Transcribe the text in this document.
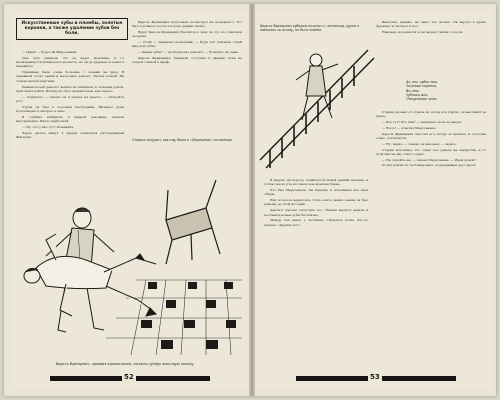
Искусственные зубы и пломбы, золотые коронки, а также удаление зубов без боли.

— Идем! — будет ей Марусенька.

Она чуть увидела, что ее ведет мужчина, и от неожиданности вскинулась на месте, но он ее удержал и повел в приемную.

Приемная была очень большая, с окнами на двор. В приемной стоял диван и несколько кресел, обитых кожей. На стенах висели картины.

Рыжеволосый дантист вышел из кабинета и, показав рукой, пригласил войти. Взгляд его был пронзителен, как сверло.

— Садитесь! — сказал он и указал на кресло. — Откройте рот!

Утром он был в хорошем настроении. Вытирал руки полотенцем и смотрел в окно.

В глубине кабинета, в медной раковине, кипели инструменты. Пахло карболкой.

— Ну, что у нас тут? Покажите.

Через десять минут в дверях показался растрепанный Феклуша.

Кароль Францевич испуганно посмотрел на вошедшего. Тот был огромного роста и в руке держал палку.

Вдруг Кароль Францевич бросился к окну, но тут его схватили за рукав.

— Стой! — закричал вошедший. — Куда ты? Сначала отдай мне мои зубы!

— Какие зубы? — пробормотал дантист. — Я ничего не знаю.

Кароль Францевич, бледный, отступал к дверям, пока не уперся спиной в шкаф.

Старик подумал, как ему быть в «Дворцовой» гостинице.
Кароль Францевич, придавя крахмальной, стоять сундук неполную иконку.
52
Кароль Францевич кубарем полетел с лестницы, ругая и хватаясь за голову, но было поздно.

В дверях, на пороге, появился большой рыжий человек, и тотчас же из рта его вылетела крепкая брань.

Это был Марусенька. Он вздыхал и вспоминал все свои обиды.

Ему хотелось вернуться, стать опять таким, каким он был раньше, до этой истории.

Дантист умолял отпустить его, обещал вернуть деньги и поставить новые зубы бесплатно.

Между тем внизу у лестницы собралась толпа. Кто-то кричал: «Держи его!»

Феклуша, видимо, не знал, что делать. Он вертел в руках фуражку и смотрел в пол.

Наконец он решился и заговорил тихим голосом.

Ах, ты, зубки-мои,
Золотые коронки,
Вы мне,
Зубчики мои,
Отпустите хоть

Старик дрожал от страха, но когда все утихло, он выглянул за дверь.

— Кто тут? Кто там? — закричал он из-за двери.

— Я это! — ответил Марусенька.

Кароль Францевич спросил его, когда он пришел, и, получив ответ, успокоился.

— Ну, ладно, — сказал он наконец, — садись.

Старик вспомнил, что отдал все деньги на лекарства, и от этой мысли ему стало горько.

— Не горюйте вы, — сказал Марусенька. — Идем домой!

И они пошли по лестнице вниз, поддерживая друг друга.

53
